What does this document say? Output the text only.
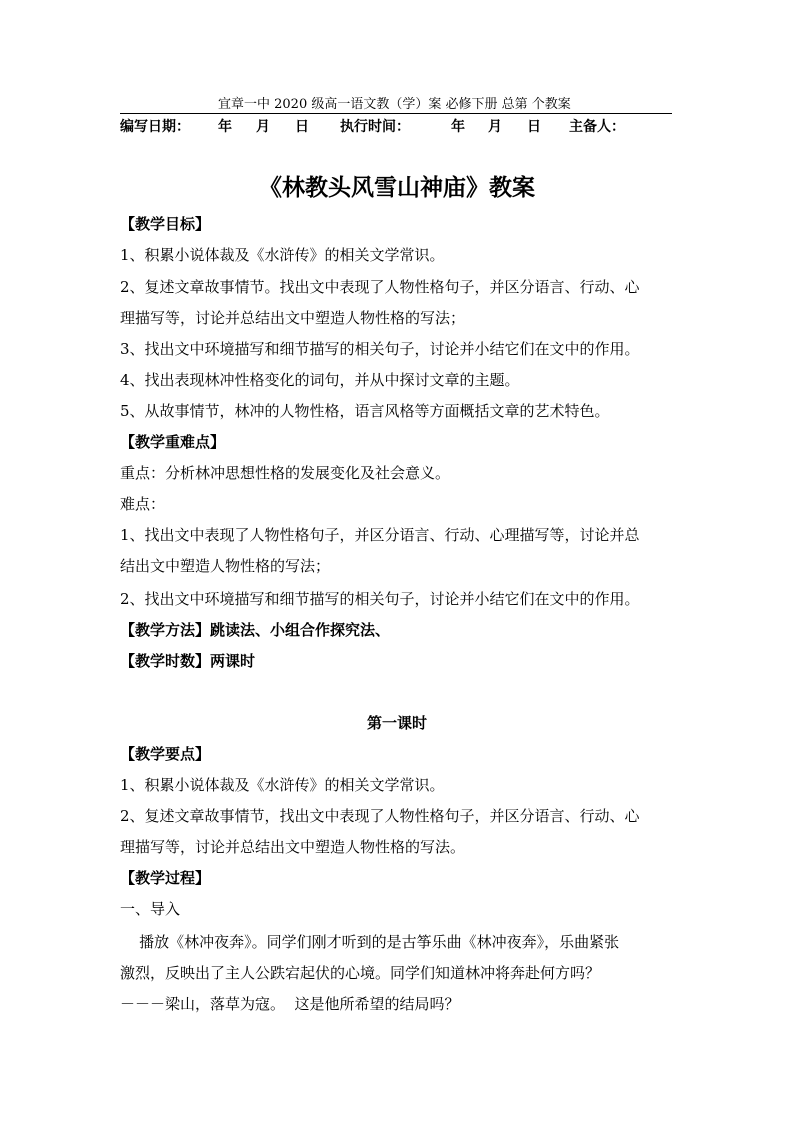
宜章一中 2020 级高一语文教（学）案 必修下册 总第 个教案
编写日期： 年 月 日 执行时间：	年 月 日 主备人：
《林教头风雪山神庙》教案
【教学目标】
1、积累小说体裁及《水浒传》的相关文学常识。
2、复述文章故事情节。找出文中表现了人物性格句子，并区分语言、行动、心
理描写等，讨论并总结出文中塑造人物性格的写法；
3、找出文中环境描写和细节描写的相关句子，讨论并小结它们在文中的作用。
4、找出表现林冲性格变化的词句，并从中探讨文章的主题。
5、从故事情节，林冲的人物性格，语言风格等方面概括文章的艺术特色。
【教学重难点】
重点：分析林冲思想性格的发展变化及社会意义。
难点：
1、找出文中表现了人物性格句子，并区分语言、行动、心理描写等，讨论并总
结出文中塑造人物性格的写法；
2、找出文中环境描写和细节描写的相关句子，讨论并小结它们在文中的作用。
【教学方法】跳读法、小组合作探究法、
【教学时数】两课时
第一课时
【教学要点】
1、积累小说体裁及《水浒传》的相关文学常识。
2、复述文章故事情节，找出文中表现了人物性格句子，并区分语言、行动、心
理描写等，讨论并总结出文中塑造人物性格的写法。
【教学过程】
一、导入
播放《林冲夜奔》。同学们刚才听到的是古筝乐曲《林冲夜奔》，乐曲紧张
激烈，反映出了主人公跌宕起伏的心境。同学们知道林冲将奔赴何方吗？
－－－梁山，落草为寇。  这是他所希望的结局吗？
